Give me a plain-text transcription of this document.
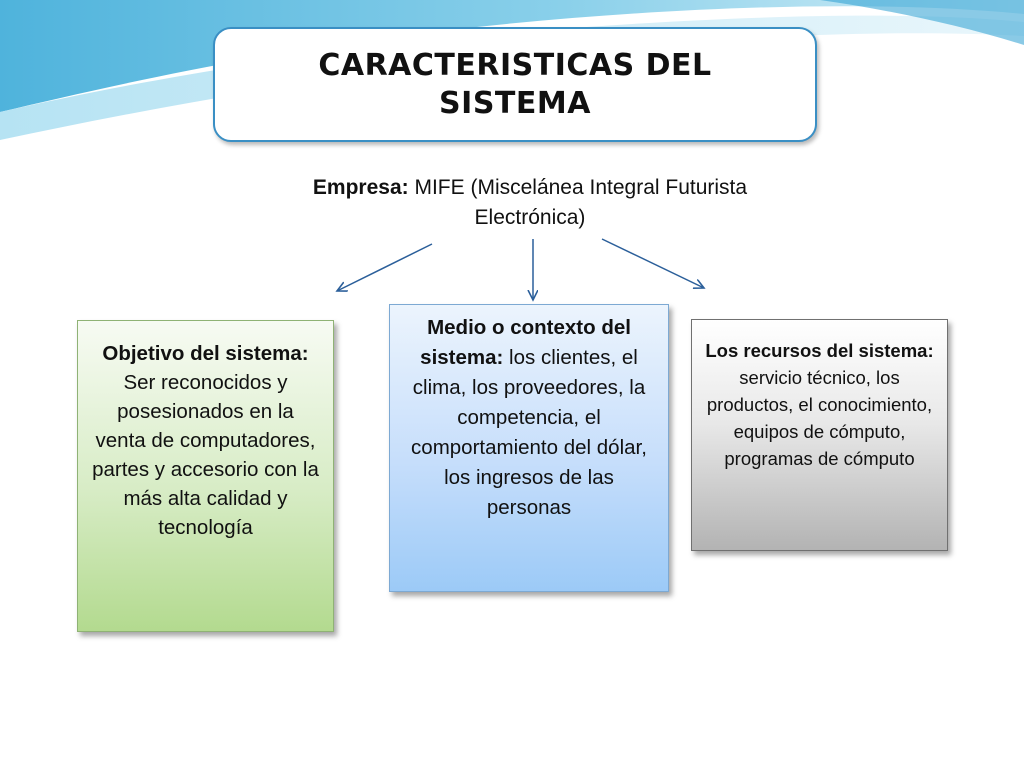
CARACTERISTICAS DEL
SISTEMA
Empresa: MIFE (Miscelánea Integral Futurista Electrónica)
Objetivo del sistema: Ser reconocidos y posesionados en la venta de computadores, partes y accesorio con la más alta calidad y tecnología
Medio o contexto del sistema: los clientes, el clima, los proveedores, la competencia, el comportamiento del dólar, los ingresos de las personas
Los recursos del sistema: servicio técnico, los productos, el conocimiento, equipos de cómputo, programas de cómputo
